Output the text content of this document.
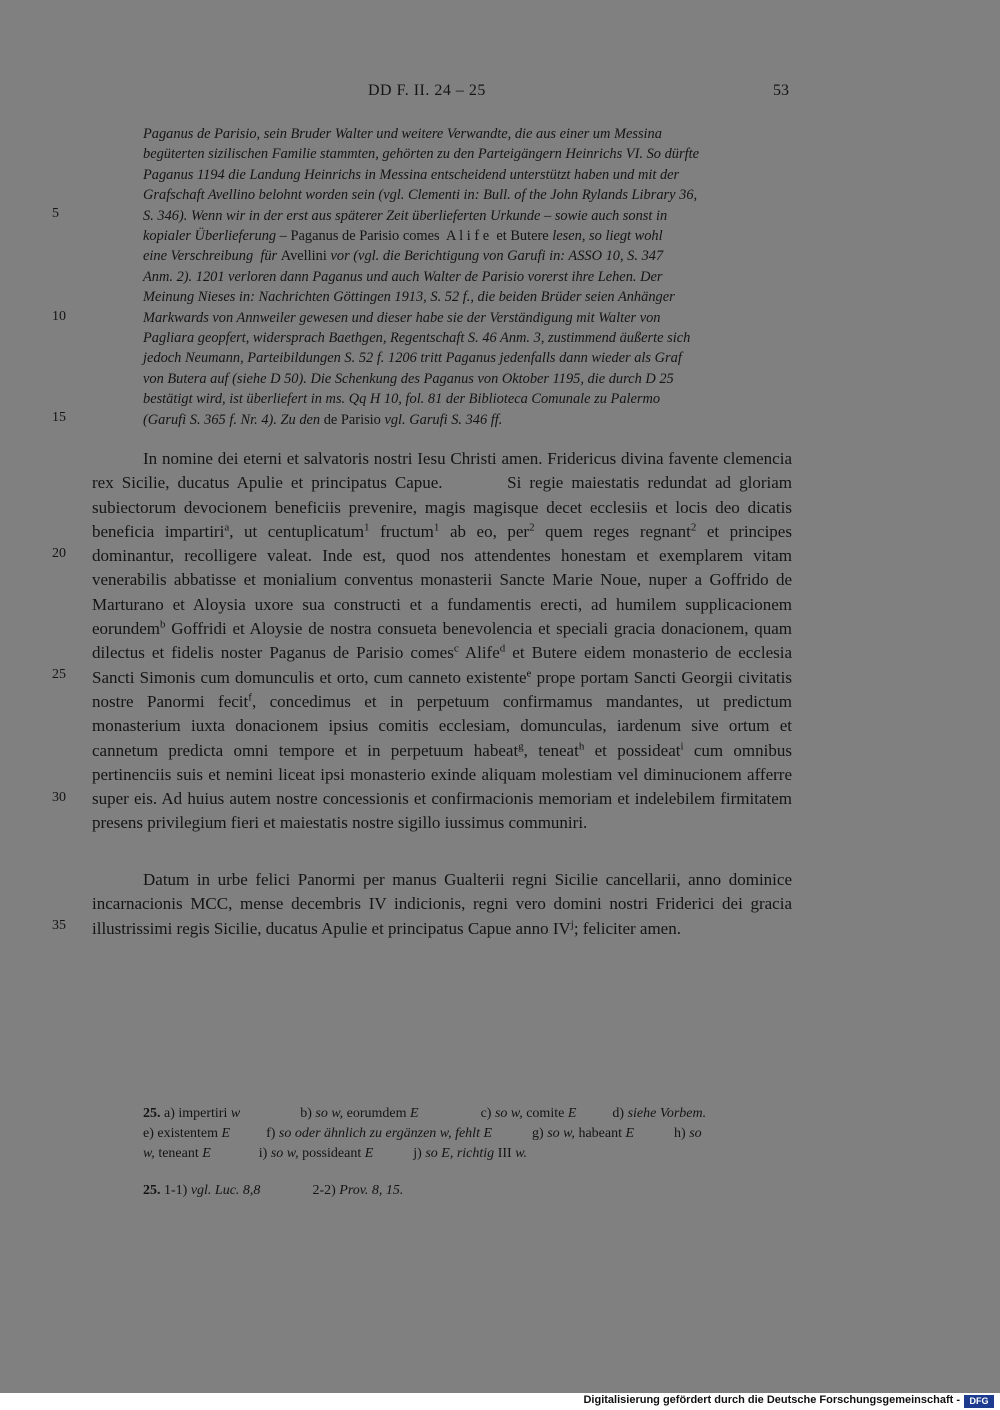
DD F. II. 24 – 25	53
5
10
15
20
25
30
35
Paganus de Parisio, sein Bruder Walter und weitere Verwandte, die aus einer um Messina
begüterten sizilischen Familie stammten, gehörten zu den Parteigängern Heinrichs VI. So dürfte
Paganus 1194 die Landung Heinrichs in Messina entscheidend unterstützt haben und mit der
Grafschaft Avellino belohnt worden sein (vgl. Clementi in: Bull. of the John Rylands Library 36,
S. 346). Wenn wir in der erst aus späterer Zeit überlieferten Urkunde – sowie auch sonst in
kopialer Überlieferung – Paganus de Parisio comes  A l i f e  et Butere lesen, so liegt wohl
eine Verschreibung  für Avellini vor (vgl. die Berichtigung von Garufi in: ASSO 10, S. 347
Anm. 2). 1201 verloren dann Paganus und auch Walter de Parisio vorerst ihre Lehen. Der
Meinung Nieses in: Nachrichten Göttingen 1913, S. 52 f., die beiden Brüder seien Anhänger
Markwards von Annweiler gewesen und dieser habe sie der Verständigung mit Walter von
Pagliara geopfert, widersprach Baethgen, Regentschaft S. 46 Anm. 3, zustimmend äußerte sich
jedoch Neumann, Parteibildungen S. 52 f. 1206 tritt Paganus jedenfalls dann wieder als Graf
von Butera auf (siehe D 50). Die Schenkung des Paganus von Oktober 1195, die durch D 25
bestätigt wird, ist überliefert in ms. Qq H 10, fol. 81 der Biblioteca Comunale zu Palermo
(Garufi S. 365 f. Nr. 4). Zu den de Parisio vgl. Garufi S. 346 ff.

In nomine dei eterni et salvatoris nostri Iesu Christi amen. Fridericus divina favente clemencia rex Sicilie, ducatus Apulie et principatus Capue.	Si regie maiestatis redundat ad gloriam subiectorum devocionem beneficiis prevenire, magis magisque decet ecclesiis et locis deo dicatis beneficia impartiri$^a$, ut centuplicatum$^1$ fructum$^1$ ab eo, per$^2$ quem reges regnant$^2$ et principes dominantur, recolligere valeat. Inde est, quod nos attendentes honestam et exemplarem vitam venerabilis abbatisse et monialium conventus monasterii Sancte Marie Noue, nuper a Goffrido de Marturano et Aloysia uxore sua constructi et a fundamentis erecti, ad humilem supplicacionem eorundem$^b$ Goffridi et Aloysie de nostra consueta benevolencia et speciali gracia donacionem, quam dilectus et fidelis noster Paganus de Parisio comes$^c$ Alife$^d$ et Butere eidem monasterio de ecclesia Sancti Simonis cum domunculis et orto, cum canneto existente$^e$ prope portam Sancti Georgii civitatis nostre Panormi fecit$^f$, concedimus et in perpetuum confirmamus mandantes, ut predictum monasterium iuxta donacionem ipsius comitis ecclesiam, domunculas, iardenum sive ortum et cannetum predicta omni tempore et in perpetuum habeat$^g$, teneat$^h$ et possideat$^i$ cum omnibus pertinenciis suis et nemini liceat ipsi monasterio exinde aliquam molestiam vel diminucionem afferre super eis. Ad huius autem nostre concessionis et confirmacionis memoriam et indelebilem firmitatem presens privilegium fieri et maiestatis nostre sigillo iussimus communiri.

Datum in urbe felici Panormi per manus Gualterii regni Sicilie cancellarii, anno dominice incarnacionis MCC, mense decembris IV indicionis, regni vero domini nostri Friderici dei gracia illustrissimi regis Sicilie, ducatus Apulie et principatus Capue anno $IV^j$; feliciter amen.

25. a) impertiri w	b) so w, eorumdem E	c) so w, comite E	d) siehe Vorbem.
e) existentem E	f) so oder ähnlich zu ergänzen w, fehlt E	g) so w, habeant E	h) so
w, teneant E	i) so w, possideant E	j) so E, richtig III w.
25. 1-1) vgl. Luc. 8,8	2-2) Prov. 8, 15.
Digitalisierung gefördert durch die Deutsche Forschungsgemeinschaft -	DFG
